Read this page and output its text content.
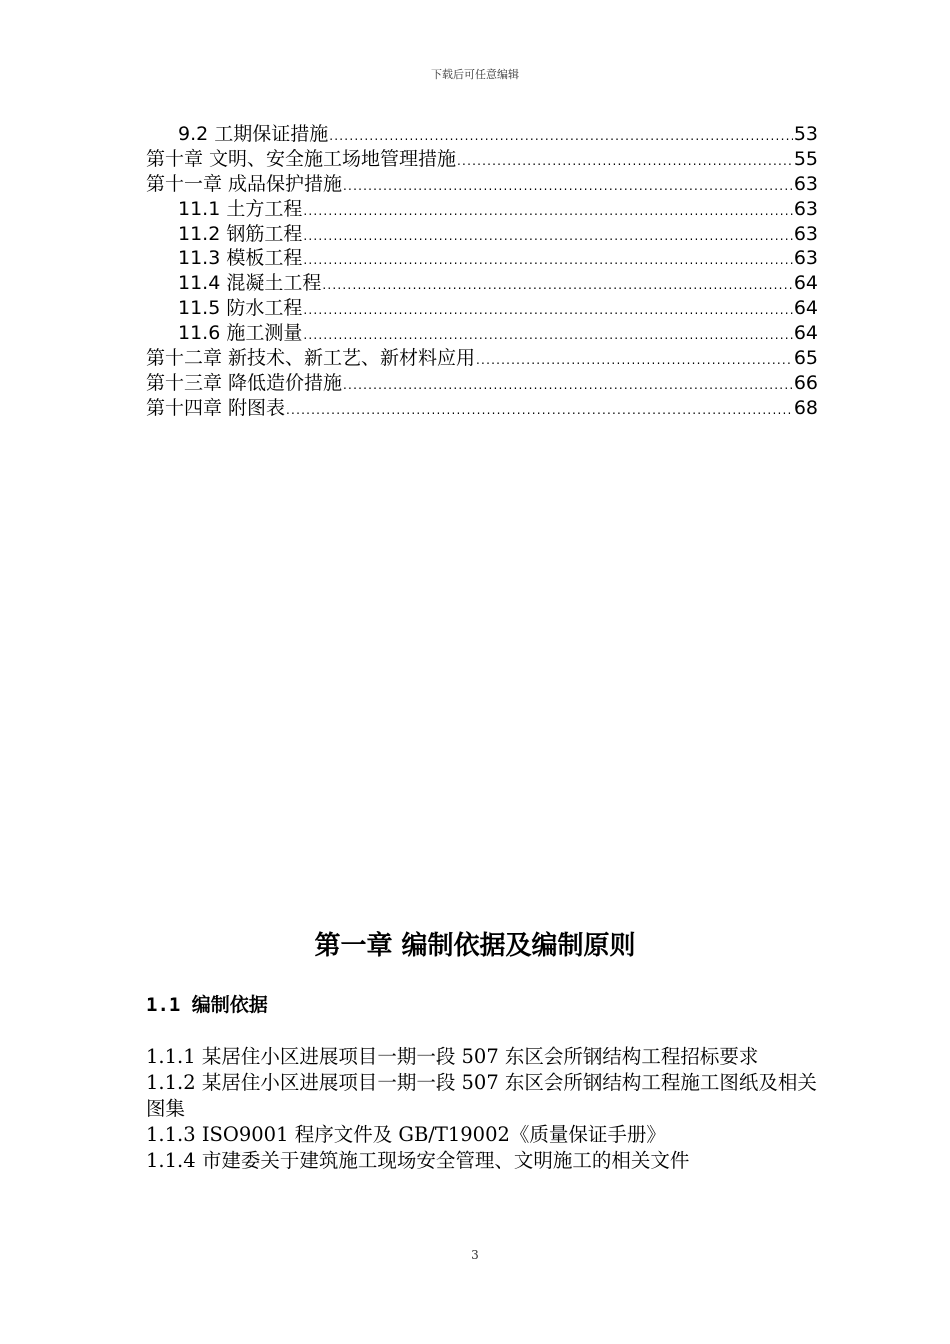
下载后可任意编辑
9.2 工期保证措施 .....	53
第十章 文明、安全施工场地管理措施 .....	55
第十一章 成品保护措施 .....	63
11.1 土方工程 .....	63
11.2 钢筋工程 .....	63
11.3 模板工程 .....	63
11.4 混凝土工程 .....	64
11.5 防水工程 .....	64
11.6 施工测量 .....	64
第十二章 新技术、新工艺、新材料应用 .....	65
第十三章 降低造价措施 .....	66
第十四章 附图表 .....	68
第一章 编制依据及编制原则
1.1 编制依据

1.1.1 某居住小区进展项目一期一段 507 东区会所钢结构工程招标要求

1.1.2 某居住小区进展项目一期一段 507 东区会所钢结构工程施工图纸及相关图集

1.1.3 ISO9001 程序文件及 GB/T19002《质量保证手册》

1.1.4 市建委关于建筑施工现场安全管理、文明施工的相关文件

3
